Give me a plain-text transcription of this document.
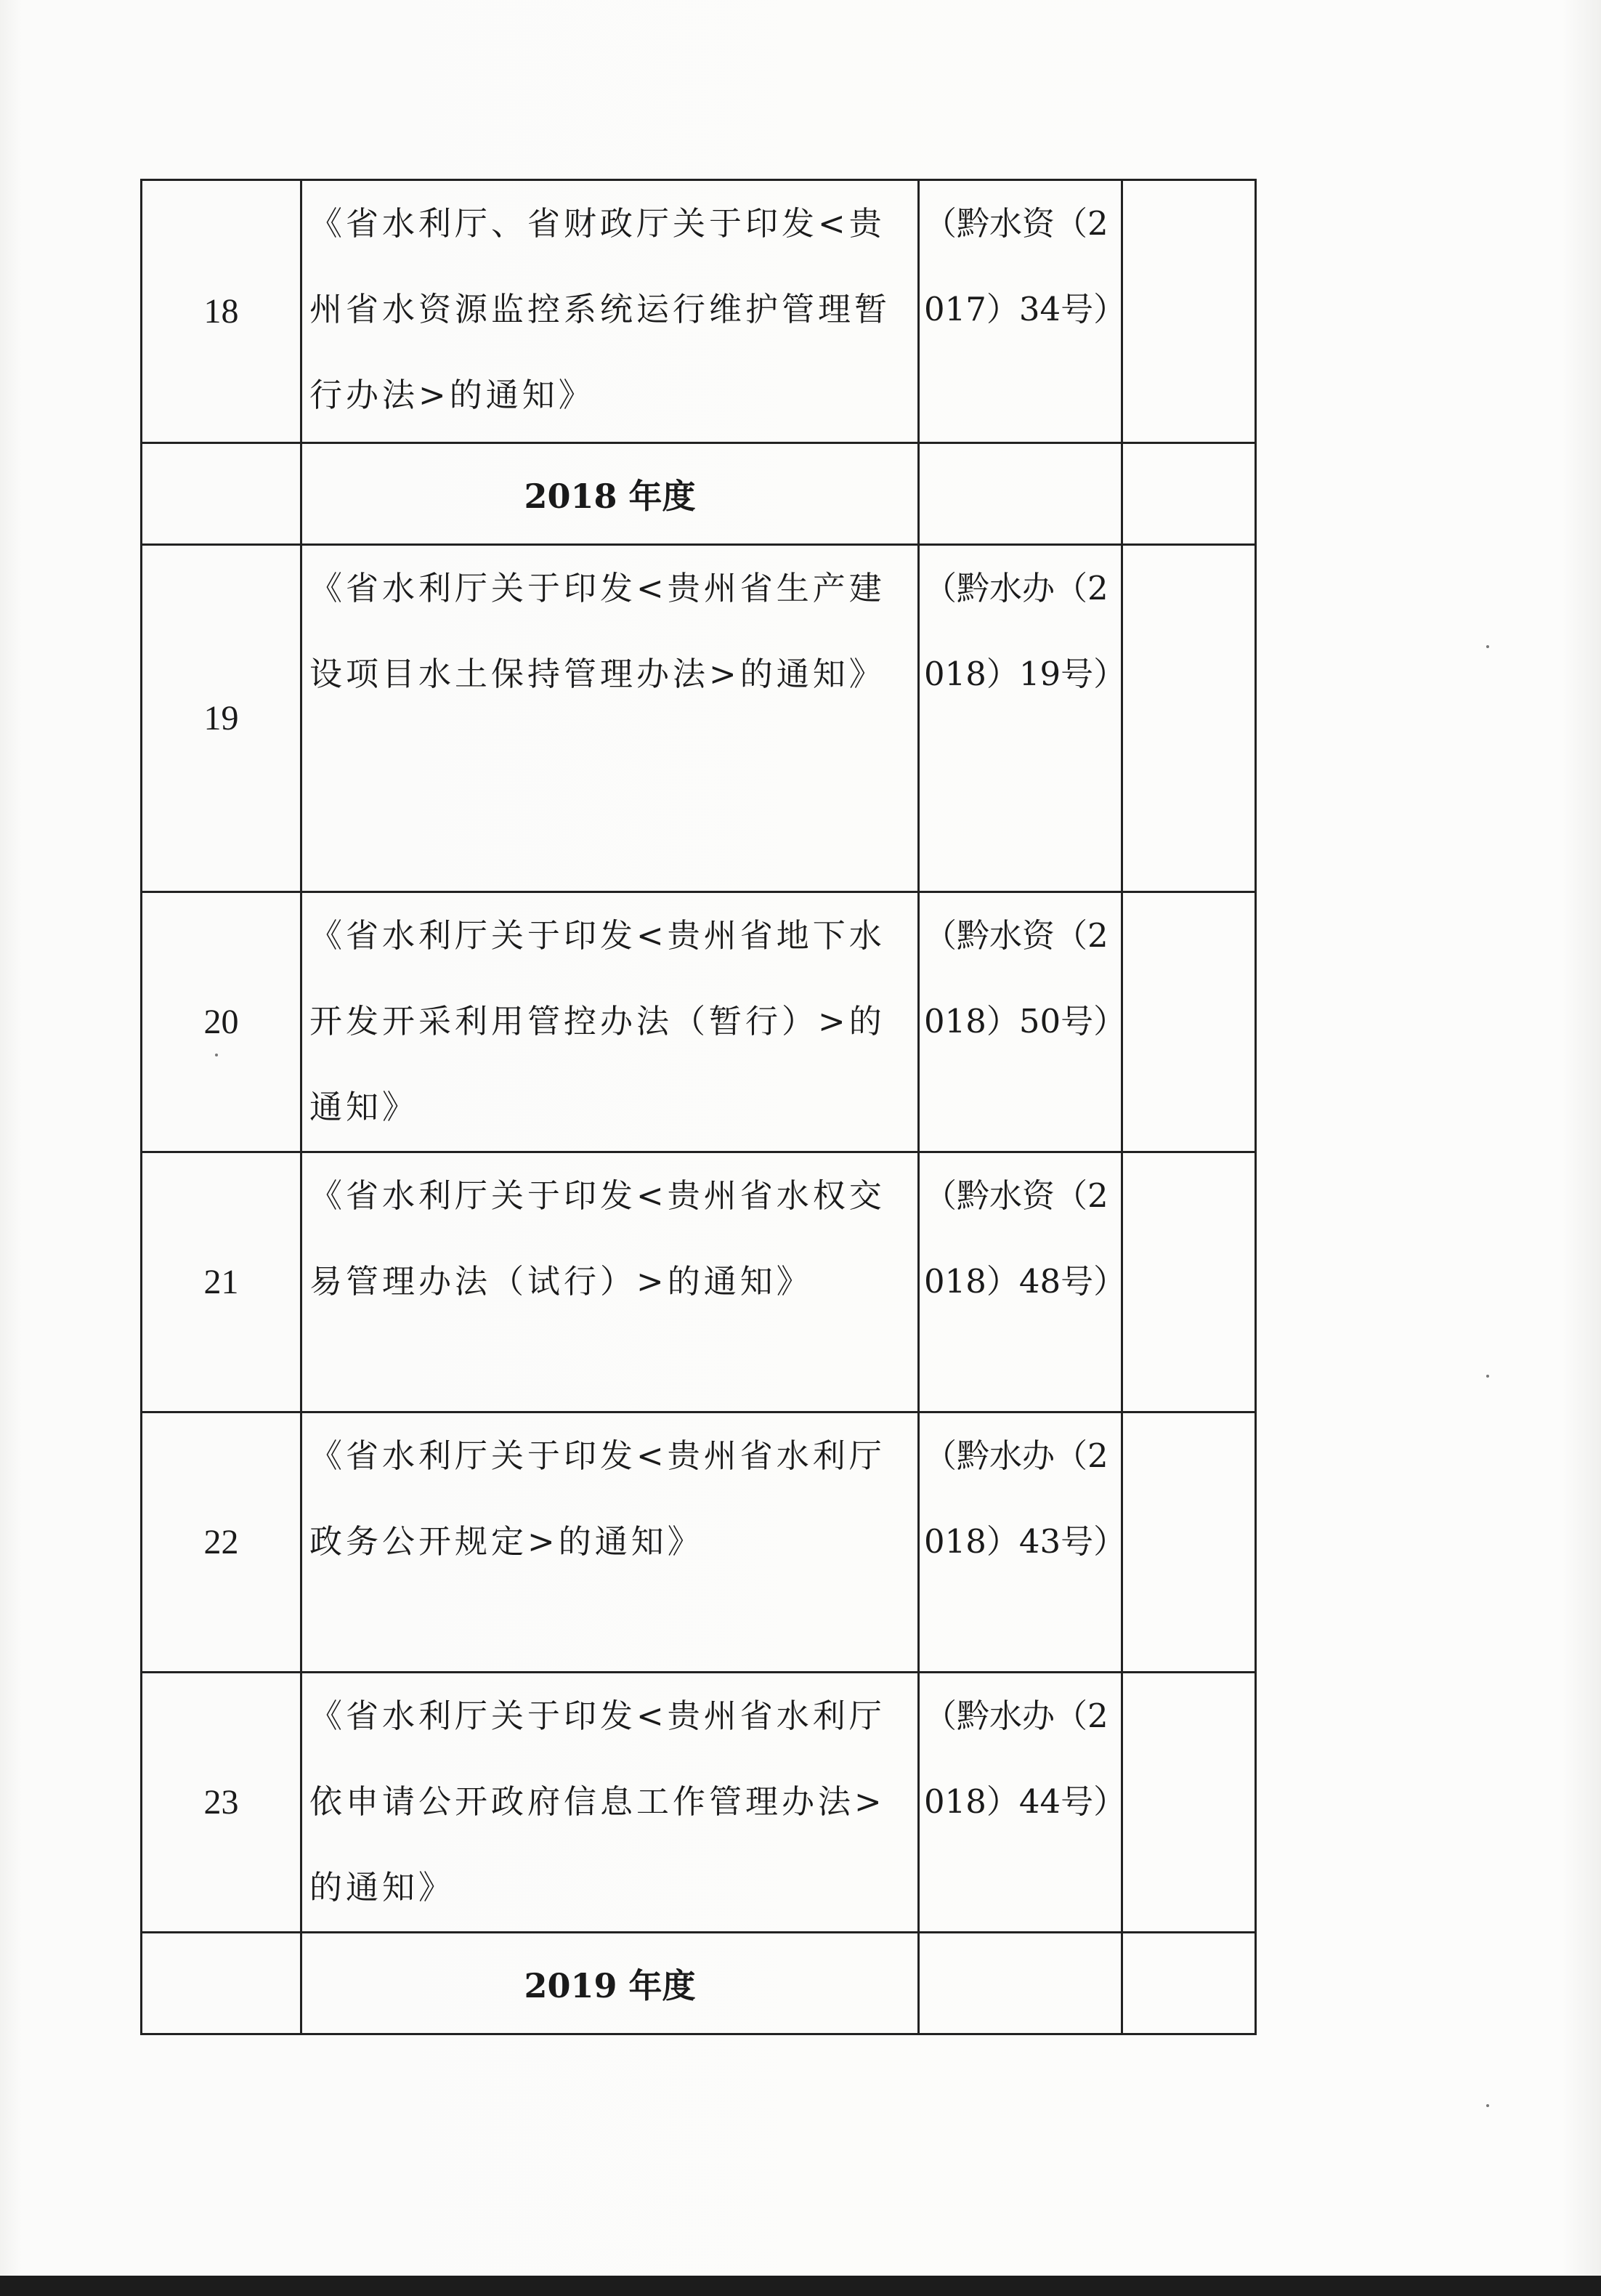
18	《省水利厅、省财政厅关于印发<贵州省水资源监控系统运行维护管理暂行办法>的通知》	（黔水资（2017）34号）	
	2018 年度		
19	《省水利厅关于印发<贵州省生产建设项目水土保持管理办法>的通知》	（黔水办（2018）19号）	
20	《省水利厅关于印发<贵州省地下水开发开采利用管控办法（暂行）>的通知》	（黔水资（2018）50号）	
21	《省水利厅关于印发<贵州省水权交易管理办法（试行）>的通知》	（黔水资（2018）48号）	
22	《省水利厅关于印发<贵州省水利厅政务公开规定>的通知》	（黔水办（2018）43号）	
23	《省水利厅关于印发<贵州省水利厅依申请公开政府信息工作管理办法>的通知》	（黔水办（2018）44号）	
	2019 年度		
